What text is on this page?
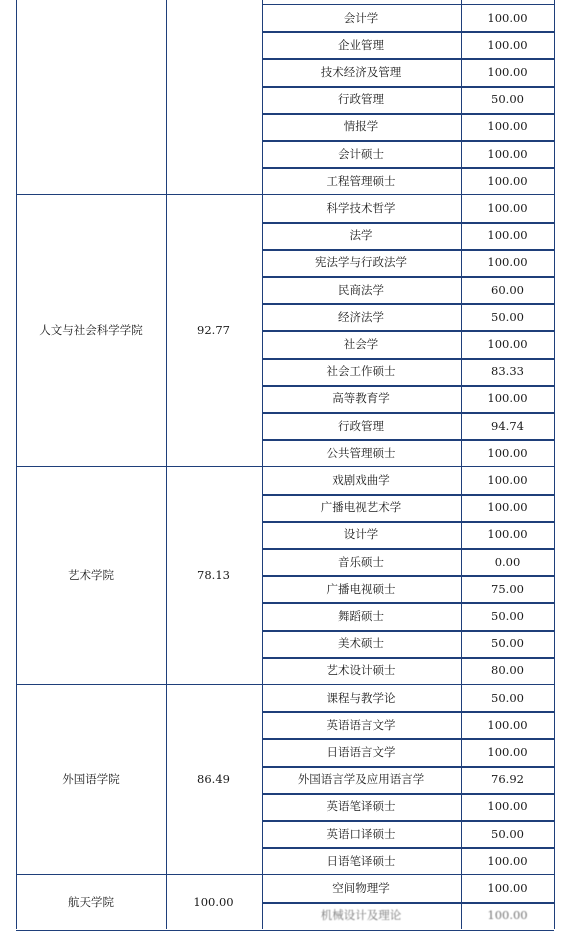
会计学	100.00
企业管理	100.00
技术经济及管理	100.00
行政管理	50.00
情报学	100.00
会计硕士	100.00
工程管理硕士	100.00
人文与社会科学学院	92.77
科学技术哲学	100.00
法学	100.00
宪法学与行政法学	100.00
民商法学	60.00
经济法学	50.00
社会学	100.00
社会工作硕士	83.33
高等教育学	100.00
行政管理	94.74
公共管理硕士	100.00
艺术学院	78.13
戏剧戏曲学	100.00
广播电视艺术学	100.00
设计学	100.00
音乐硕士	0.00
广播电视硕士	75.00
舞蹈硕士	50.00
美术硕士	50.00
艺术设计硕士	80.00
外国语学院	86.49
课程与教学论	50.00
英语语言文学	100.00
日语语言文学	100.00
外国语言学及应用语言学	76.92
英语笔译硕士	100.00
英语口译硕士	50.00
日语笔译硕士	100.00
航天学院	100.00
空间物理学	100.00
机械设计及理论	100.00
